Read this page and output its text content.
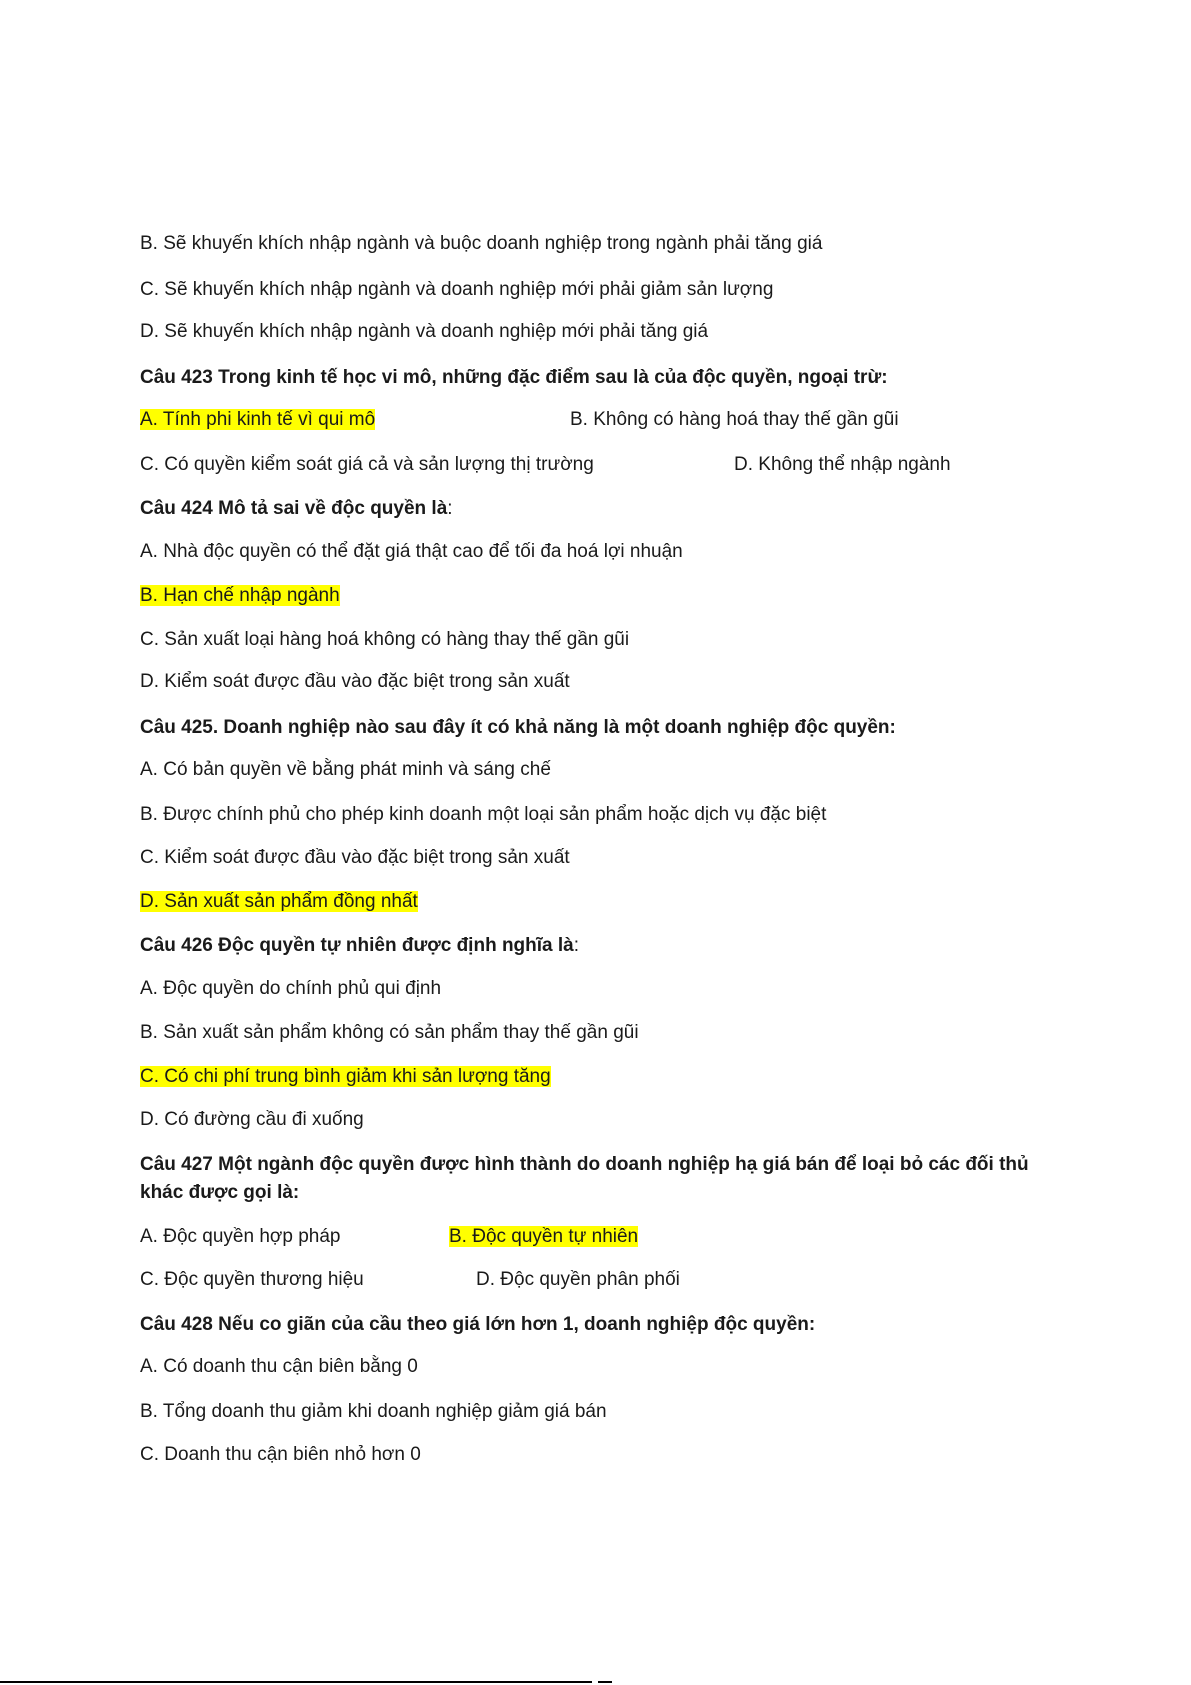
B. Sẽ khuyến khích nhập ngành và buộc doanh nghiệp trong ngành phải tăng giá
C. Sẽ khuyến khích nhập ngành và doanh nghiệp mới phải giảm sản lượng
D. Sẽ khuyến khích nhập ngành và doanh nghiệp mới phải tăng giá
Câu 423 Trong kinh tế học vi mô, những đặc điểm sau là của độc quyền, ngoại trừ:
A. Tính phi kinh tế vì qui mô	B. Không có hàng hoá thay thế gần gũi
C. Có quyền kiểm soát giá cả và sản lượng thị trường	D. Không thể nhập ngành
Câu 424 Mô tả sai về độc quyền là:
A. Nhà độc quyền có thể đặt giá thật cao để tối đa hoá lợi nhuận
B. Hạn chế nhập ngành
C. Sản xuất loại hàng hoá không có hàng thay thế gần gũi
D. Kiểm soát được đầu vào đặc biệt trong sản xuất
Câu 425. Doanh nghiệp nào sau đây ít có khả năng là một doanh nghiệp độc quyền:
A. Có bản quyền về bằng phát minh và sáng chế
B. Được chính phủ cho phép kinh doanh một loại sản phẩm hoặc dịch vụ đặc biệt
C. Kiểm soát được đầu vào đặc biệt trong sản xuất
D. Sản xuất sản phẩm đồng nhất
Câu 426 Độc quyền tự nhiên được định nghĩa là:
A. Độc quyền do chính phủ qui định
B. Sản xuất sản phẩm không có sản phẩm thay thế gần gũi
C. Có chi phí trung bình giảm khi sản lượng tăng
D. Có đường cầu đi xuống
Câu 427 Một ngành độc quyền được hình thành do doanh nghiệp hạ giá bán để loại bỏ các đối thủ khác được gọi là:
A. Độc quyền hợp pháp	B. Độc quyền tự nhiên
C. Độc quyền thương hiệu	D. Độc quyền phân phối
Câu 428 Nếu co giãn của cầu theo giá lớn hơn 1, doanh nghiệp độc quyền:
A. Có doanh thu cận biên bằng 0
B. Tổng doanh thu giảm khi doanh nghiệp giảm giá bán
C. Doanh thu cận biên nhỏ hơn 0
